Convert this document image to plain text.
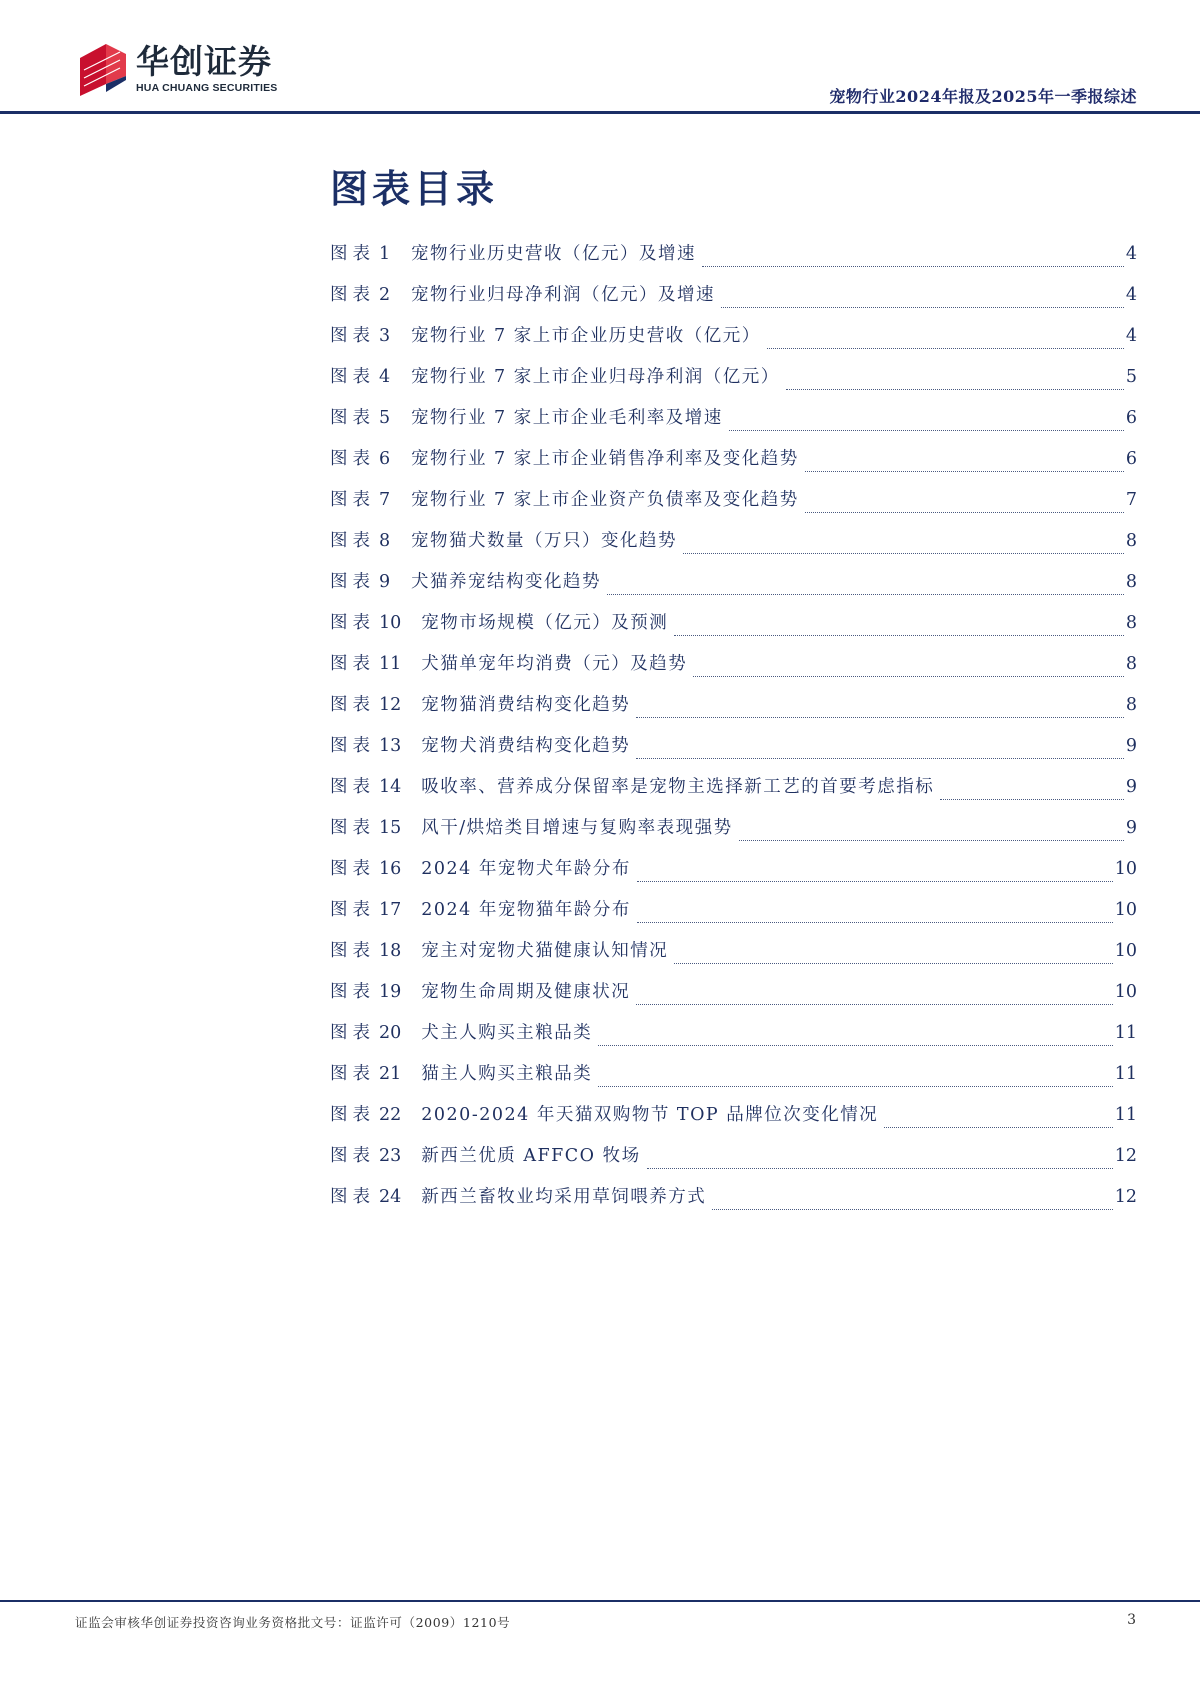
华创证券
HUA CHUANG SECURITIES	宠物行业2024年报及2025年一季报综述
图表目录
图表 1 宠物行业历史营收（亿元）及增速	4
图表 2 宠物行业归母净利润（亿元）及增速	4
图表 3 宠物行业 7 家上市企业历史营收（亿元）	4
图表 4 宠物行业 7 家上市企业归母净利润（亿元）	5
图表 5 宠物行业 7 家上市企业毛利率及增速	6
图表 6 宠物行业 7 家上市企业销售净利率及变化趋势	6
图表 7 宠物行业 7 家上市企业资产负债率及变化趋势	7
图表 8 宠物猫犬数量（万只）变化趋势	8
图表 9 犬猫养宠结构变化趋势	8
图表 10 宠物市场规模（亿元）及预测	8
图表 11 犬猫单宠年均消费（元）及趋势	8
图表 12 宠物猫消费结构变化趋势	8
图表 13 宠物犬消费结构变化趋势	9
图表 14 吸收率、营养成分保留率是宠物主选择新工艺的首要考虑指标	9
图表 15 风干/烘焙类目增速与复购率表现强势	9
图表 16 2024 年宠物犬年龄分布	10
图表 17 2024 年宠物猫年龄分布	10
图表 18 宠主对宠物犬猫健康认知情况	10
图表 19 宠物生命周期及健康状况	10
图表 20 犬主人购买主粮品类	11
图表 21 猫主人购买主粮品类	11
图表 22 2020-2024 年天猫双购物节 TOP 品牌位次变化情况	11
图表 23 新西兰优质 AFFCO 牧场	12
图表 24 新西兰畜牧业均采用草饲喂养方式	12
证监会审核华创证券投资咨询业务资格批文号：证监许可（2009）1210号	3
